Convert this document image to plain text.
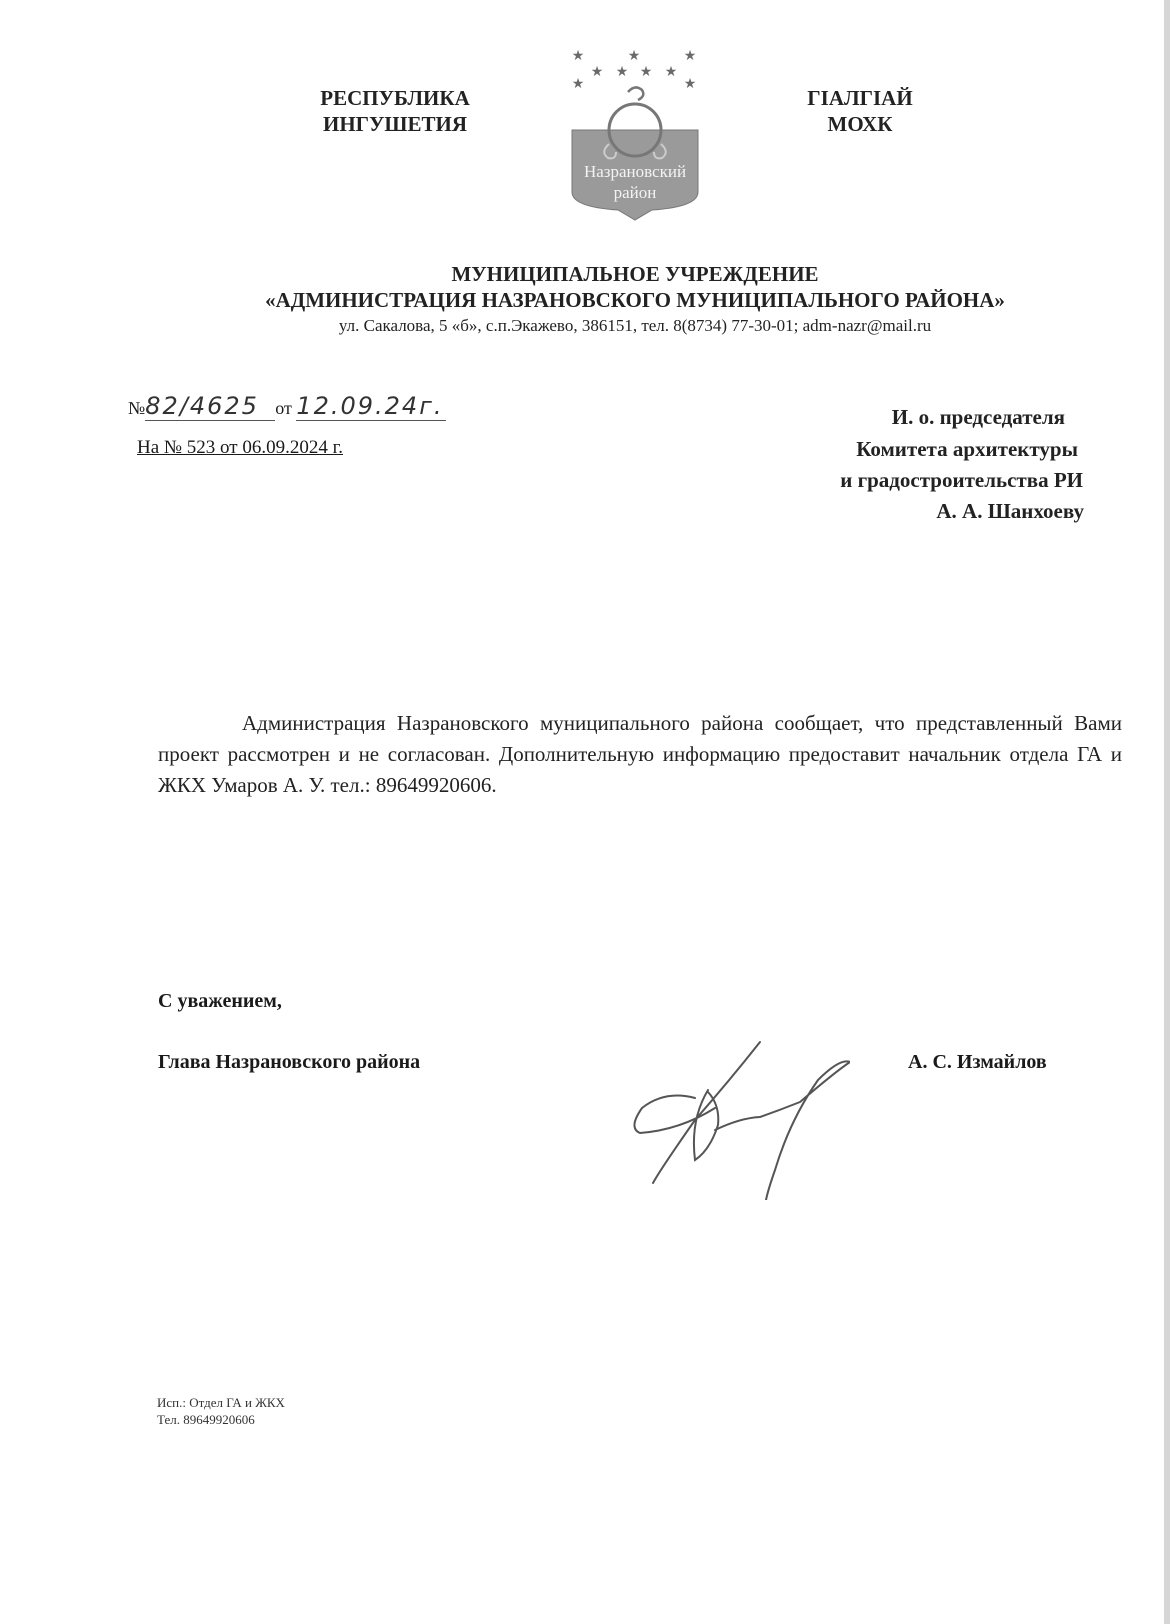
РЕСПУБЛИКА
ИНГУШЕТИЯ
★	★	★
★ ★ ★ ★
★	★
Назрановский
район
ГІАЛГІАЙ
МОХК
МУНИЦИПАЛЬНОЕ УЧРЕЖДЕНИЕ
«АДМИНИСТРАЦИЯ НАЗРАНОВСКОГО МУНИЦИПАЛЬНОГО РАЙОНА»
ул. Сакалова, 5 «б», с.п.Экажево, 386151, тел. 8(8734) 77-30-01; adm-nazr@mail.ru
№82/4625 от 12.09.24г.
На № 523 от 06.09.2024 г.
И. о. председателя
Комитета архитектуры
и градостроительства РИ
А. А. Шанхоеву
Администрация Назрановского муниципального района сообщает, что представленный Вами проект рассмотрен и не согласован. Дополнительную информацию предоставит начальник отдела ГА и ЖКХ Умаров А. У. тел.: 89649920606.
С уважением,
Глава Назрановского района	А. С. Измайлов
Исп.: Отдел ГА и ЖКХ
Тел. 89649920606
